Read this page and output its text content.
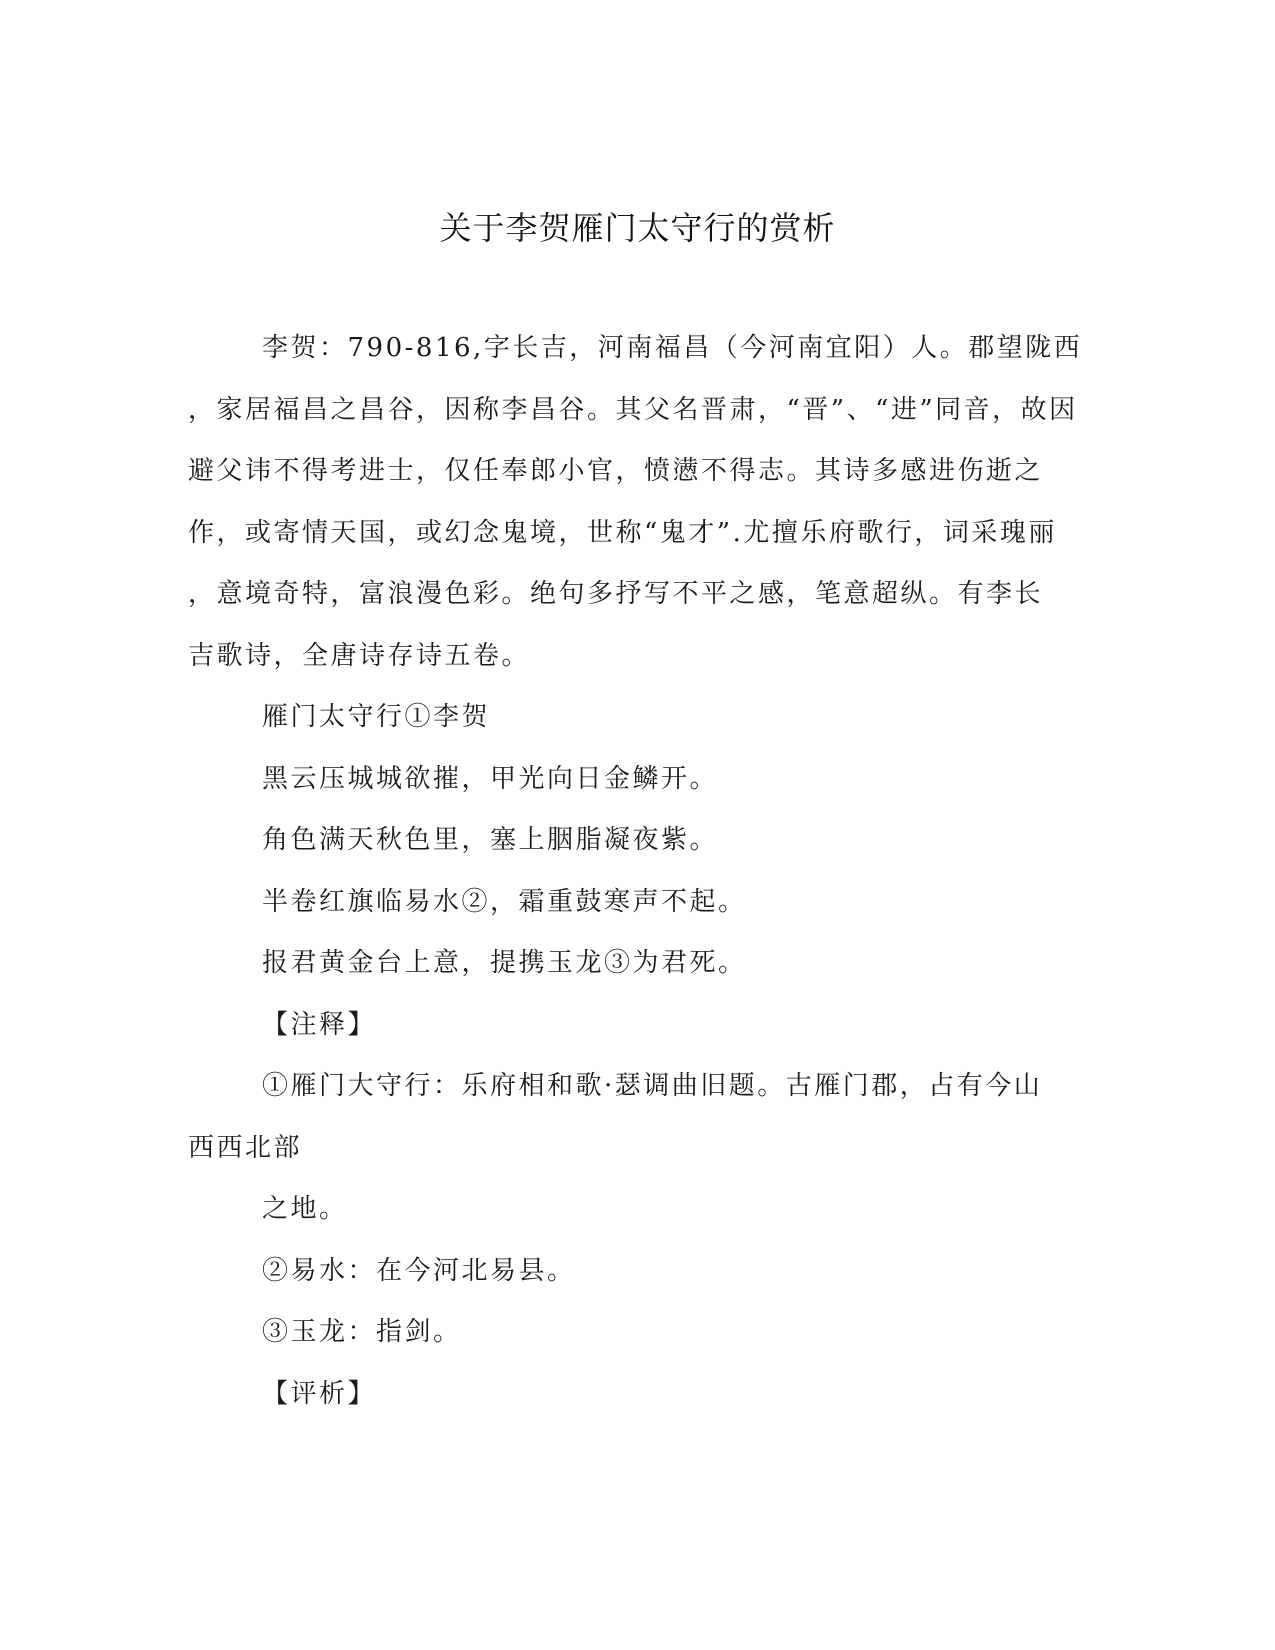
关于李贺雁门太守行的赏析
李贺：790-816,字长吉，河南福昌（今河南宜阳）人。郡望陇西
，家居福昌之昌谷，因称李昌谷。其父名晋肃，“晋”、“进”同音，故因
避父讳不得考进士，仅任奉郎小官，愤懑不得志。其诗多感进伤逝之
作，或寄情天国，或幻念鬼境，世称“鬼才”.尤擅乐府歌行，词采瑰丽
，意境奇特，富浪漫色彩。绝句多抒写不平之感，笔意超纵。有李长
吉歌诗，全唐诗存诗五卷。
雁门太守行①李贺
黑云压城城欲摧，甲光向日金鳞开。
角色满天秋色里，塞上胭脂凝夜紫。
半卷红旗临易水②，霜重鼓寒声不起。
报君黄金台上意，提携玉龙③为君死。
【注释】
①雁门大守行：乐府相和歌·瑟调曲旧题。古雁门郡，占有今山
西西北部
之地。
②易水：在今河北易县。
③玉龙：指剑。
【评析】
